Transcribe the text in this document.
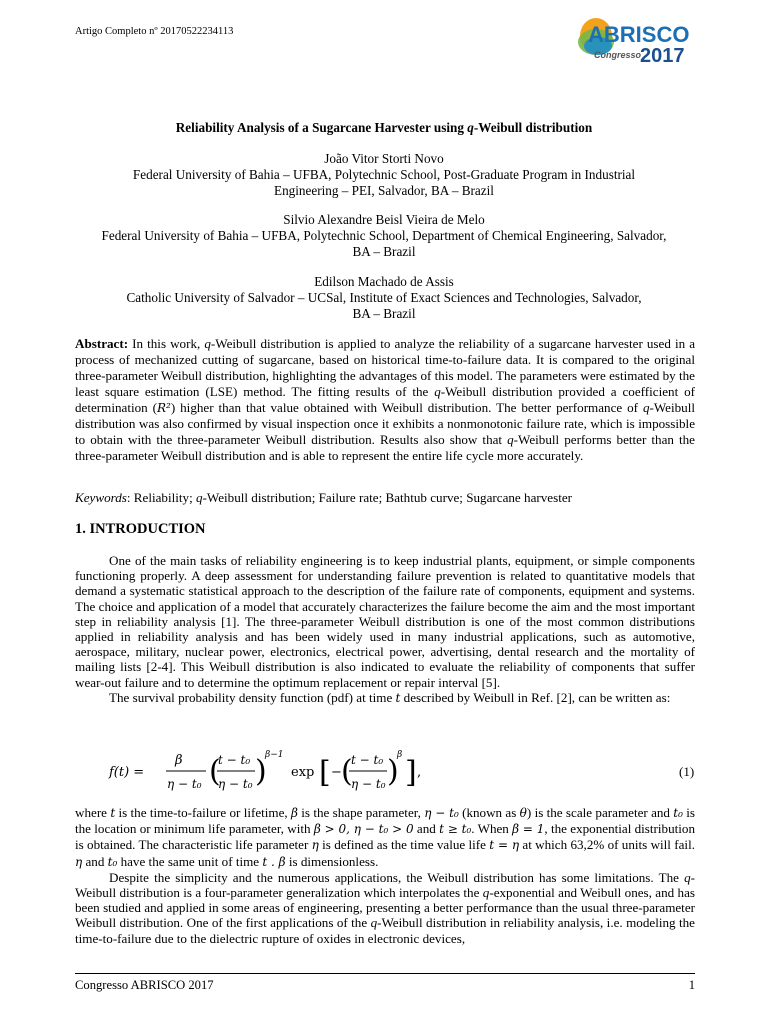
Artigo Completo nº 20170522234113	ABRISCO
Congresso
2017
Reliability Analysis of a Sugarcane Harvester using q-Weibull distribution
João Vitor Storti Novo
Federal University of Bahia – UFBA, Polytechnic School, Post-Graduate Program in Industrial
Engineering – PEI, Salvador, BA – Brazil
Silvio Alexandre Beisl Vieira de Melo
Federal University of Bahia – UFBA, Polytechnic School, Department of Chemical Engineering, Salvador,
BA – Brazil
Edilson Machado de Assis
Catholic University of Salvador – UCSal, Institute of Exact Sciences and Technologies, Salvador,
BA – Brazil
Abstract: In this work, q-Weibull distribution is applied to analyze the reliability of a sugarcane harvester used in a process of mechanized cutting of sugarcane, based on historical time-to-failure data. It is compared to the original three-parameter Weibull distribution, highlighting the advantages of this model. The parameters were estimated by the least square estimation (LSE) method. The fitting results of the q-Weibull distribution provided a coefficient of determination (R²) higher than that value obtained with Weibull distribution. The better performance of q-Weibull distribution was also confirmed by visual inspection once it exhibits a nonmonotonic failure rate, which is impossible to obtain with the three-parameter Weibull distribution. Results also show that q-Weibull performs better than the three-parameter Weibull distribution and is able to represent the entire life cycle more accurately.
Keywords: Reliability; q-Weibull distribution; Failure rate; Bathtub curve; Sugarcane harvester
1. INTRODUCTION
One of the main tasks of reliability engineering is to keep industrial plants, equipment, or simple components functioning properly. A deep assessment for understanding failure prevention is related to quantitative models that demand a systematic statistical approach to the description of the failure rate of components, equipment and systems. The choice and application of a model that accurately characterizes the failure become the aim and the most important step in reliability analysis [1]. The three-parameter Weibull distribution is one of the most common distributions applied in reliability analysis and has been widely used in many industrial applications, such as automotive, aerospace, military, nuclear power, electronics, electrical power, advertising, dental research and the mortality of mailing lists [2-4]. This Weibull distribution is also indicated to evaluate the reliability of components that suffer wear-out failure and to determine the optimum replacement or repair interval [5].
The survival probability density function (pdf) at time t described by Weibull in Ref. [2], can be written as:
f(t) =
β
η − t₀ (
t − t₀
η − t₀ )
β−1
exp [ − (
t − t₀
η − t₀ )
β ] ,	(1)
where t is the time-to-failure or lifetime, β is the shape parameter, η − t₀ (known as θ) is the scale parameter and t₀ is the location or minimum life parameter, with β > 0, η − t₀ > 0 and t ≥ t₀. When β = 1, the exponential distribution is obtained. The characteristic life parameter η is defined as the time value life t = η at which 63,2% of units will fail. η and t₀ have the same unit of time t . β is dimensionless.
Despite the simplicity and the numerous applications, the Weibull distribution has some limitations. The q-Weibull distribution is a four-parameter generalization which interpolates the q-exponential and Weibull ones, and has been studied and applied in some areas of engineering, presenting a better performance than the usual three-parameter Weibull distribution. One of the first applications of the q-Weibull distribution in reliability analysis, i.e. modeling the time-to-failure due to the dielectric rupture of oxides in electronic devices,
Congresso ABRISCO 2017	1
